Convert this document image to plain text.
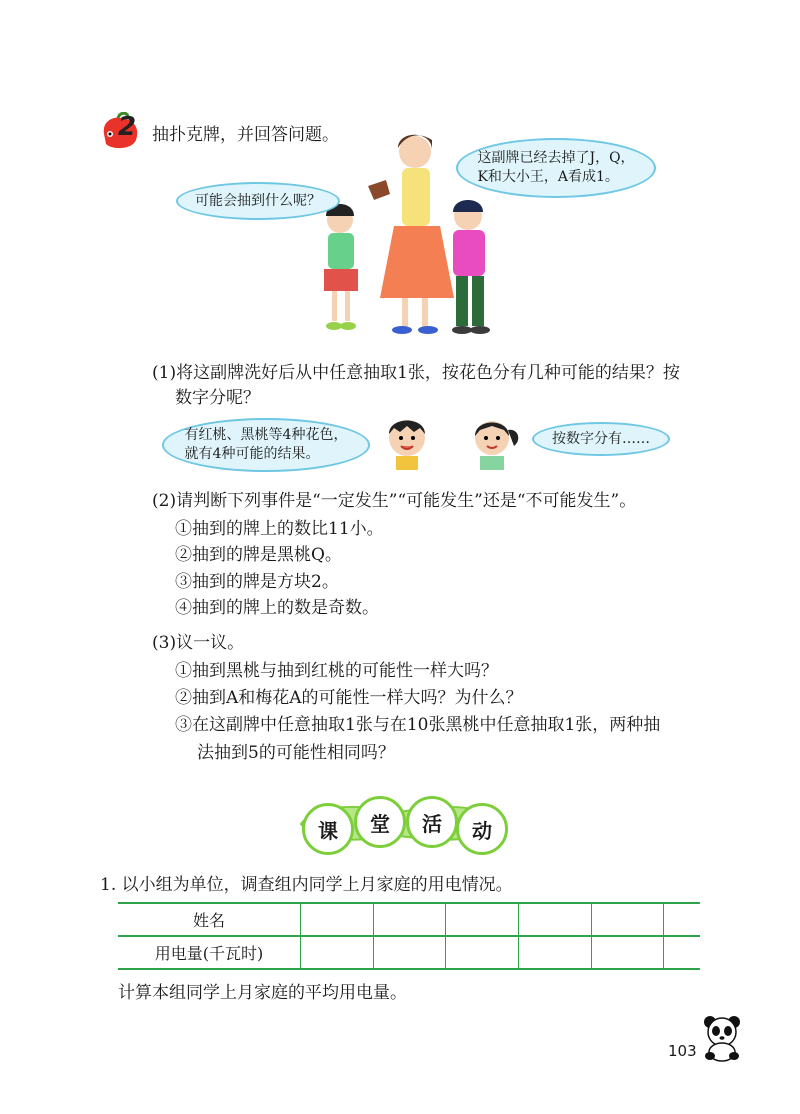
2 抽扑克牌，并回答问题。
这副牌已经去掉了J，Q，
K和大小王，A看成1。
可能会抽到什么呢？
(1)将这副牌洗好后从中任意抽取1张，按花色分有几种可能的结果？按
数字分呢？
有红桃、黑桃等4种花色，
就有4种可能的结果。
按数字分有……
(2)请判断下列事件是“一定发生”“可能发生”还是“不可能发生”。
①抽到的牌上的数比11小。
②抽到的牌是黑桃Q。
③抽到的牌是方块2。
④抽到的牌上的数是奇数。
(3)议一议。
①抽到黑桃与抽到红桃的可能性一样大吗？
②抽到A和梅花A的可能性一样大吗？为什么？
③在这副牌中任意抽取1张与在10张黑桃中任意抽取1张，两种抽
法抽到5的可能性相同吗？
课	堂	活	动
1. 以小组为单位，调查组内同学上月家庭的用电情况。
姓名						
用电量(千瓦时)						
计算本组同学上月家庭的平均用电量。
103
